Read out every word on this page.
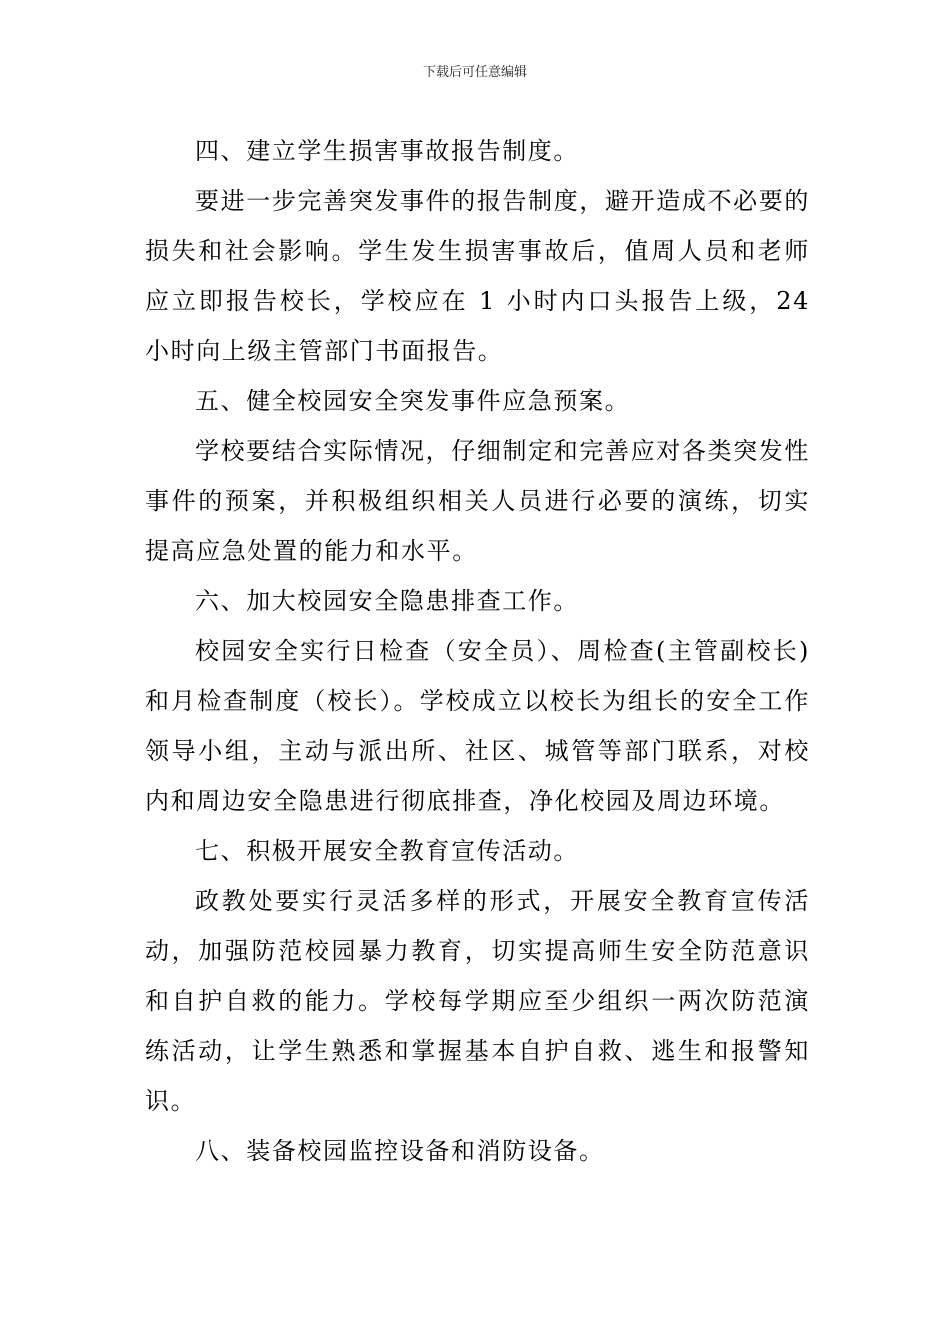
下载后可任意编辑

四、建立学生损害事故报告制度。

要进一步完善突发事件的报告制度，避开造成不必要的损失和社会影响。学生发生损害事故后，值周人员和老师应立即报告校长，学校应在 1 小时内口头报告上级，24 小时向上级主管部门书面报告。

五、健全校园安全突发事件应急预案。

学校要结合实际情况，仔细制定和完善应对各类突发性事件的预案，并积极组织相关人员进行必要的演练，切实提高应急处置的能力和水平。

六、加大校园安全隐患排查工作。

校园安全实行日检查（安全员）、周检查(主管副校长)和月检查制度（校长）。学校成立以校长为组长的安全工作领导小组，主动与派出所、社区、城管等部门联系，对校内和周边安全隐患进行彻底排查，净化校园及周边环境。

七、积极开展安全教育宣传活动。

政教处要实行灵活多样的形式，开展安全教育宣传活动，加强防范校园暴力教育，切实提高师生安全防范意识和自护自救的能力。学校每学期应至少组织一两次防范演练活动，让学生熟悉和掌握基本自护自救、逃生和报警知识。

八、装备校园监控设备和消防设备。
